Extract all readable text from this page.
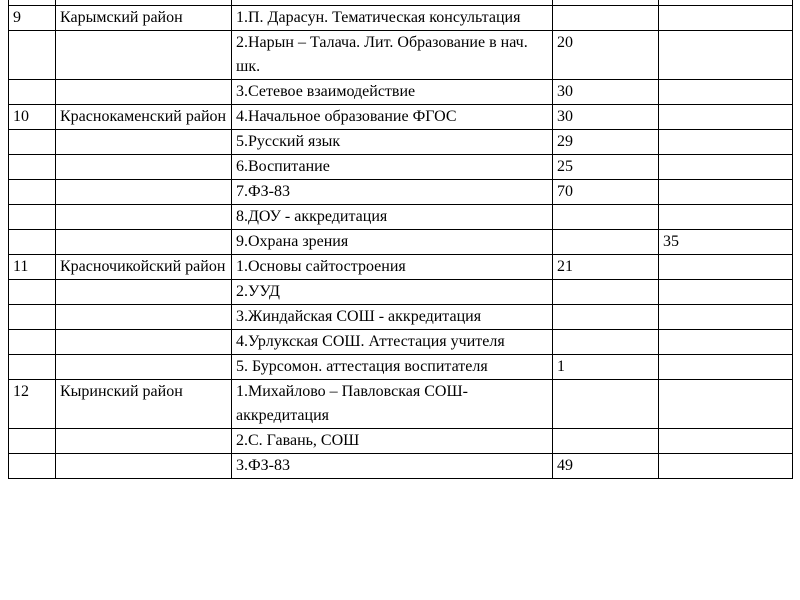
9	Карымский район	1.П. Дарасун. Тематическая консультация		
		2.Нарын – Талача. Лит. Образование в нач. шк.	20	
		3.Сетевое взаимодействие	30	
10	Краснокаменский район	4.Начальное образование ФГОС	30	
		5.Русский язык	29	
		6.Воспитание	25	
		7.ФЗ-83	70	
		8.ДОУ - аккредитация		
		9.Охрана зрения		35
11	Красночикойский район	1.Основы сайтостроения	21	
		2.УУД		
		3.Жиндайская СОШ - аккредитация		
		4.Урлукская СОШ. Аттестация учителя		
		5. Бурсомон. аттестация воспитателя	1	
12	Кыринский район	1.Михайлово – Павловская СОШ-аккредитация		
		2.С. Гавань, СОШ		
		3.ФЗ-83	49	
